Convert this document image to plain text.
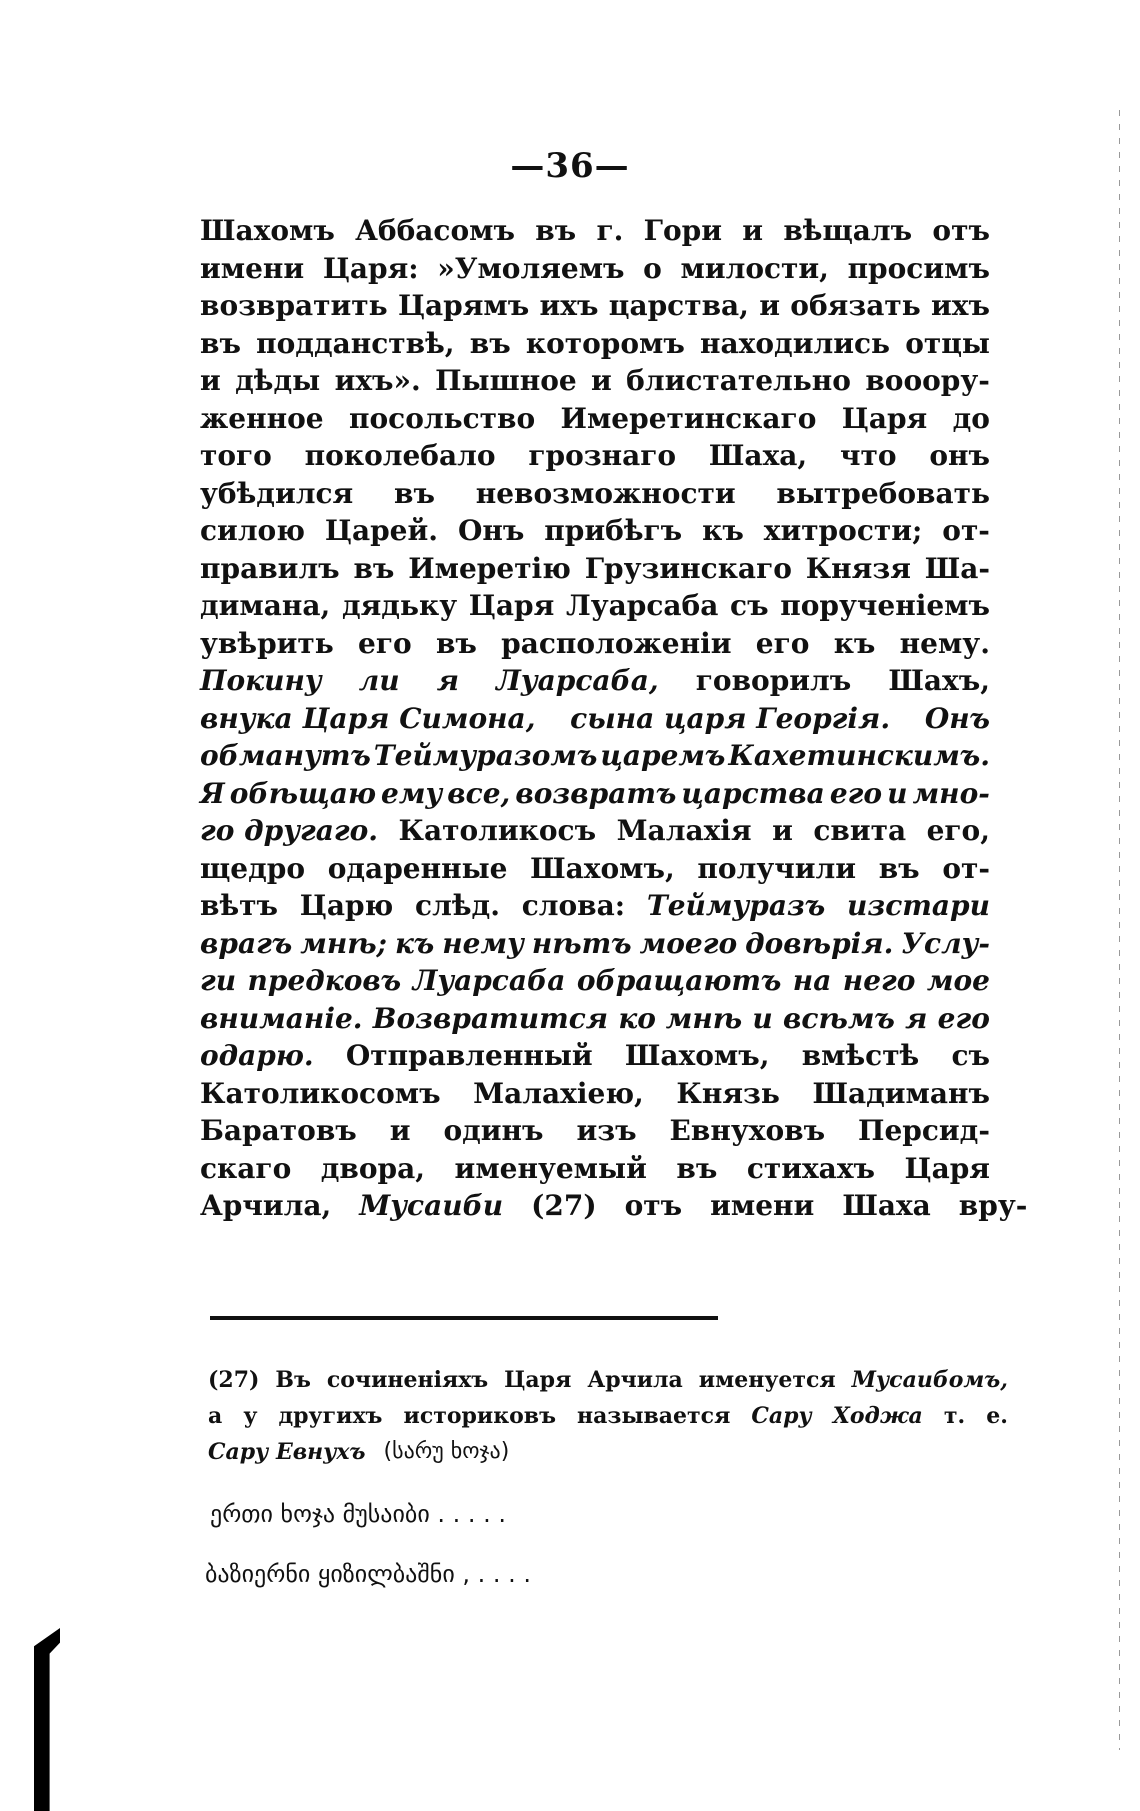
—36—
Шахомъ Аббасомъ въ г. Гори и вѣщалъ отъ
имени Царя: »Умоляемъ о милости, просимъ
возвратить Царямъ ихъ царства, и обязать ихъ
въ подданствѣ, въ которомъ находились отцы
и дѣды ихъ». Пышное и блистательно вооору-
женное посольство Имеретинскаго Царя до
того поколебало грознаго Шаха, что онъ
убѣдился въ невозможности вытребовать
силою Царей. Онъ прибѣгъ къ хитрости; от-
правилъ въ Имеретію Грузинскаго Князя Ша-
димана, дядьку Царя Луарсаба съ порученіемъ
увѣрить его въ расположеніи его къ нему.
Покину ли я Луарсаба, говорилъ Шахъ,
внука Царя Симона, сына царя Георгія. Онъ
обманутъ Теймуразомъ царемъ Кахетинскимъ.
Я обѣщаю ему все, возвратъ царства его и мно-
го другаго. Католикосъ Малахія и свита его,
щедро одаренные Шахомъ, получили въ от-
вѣтъ Царю слѣд. слова: Теймуразъ изстари
врагъ мнѣ; къ нему нѣтъ моего довѣрія. Услу-
ги предковъ Луарсаба обращаютъ на него мое
вниманіе. Возвратится ко мнѣ и всѣмъ я его
одарю. Отправленный Шахомъ, вмѣстѣ съ
Католикосомъ Малахіею, Князь Шадиманъ
Баратовъ и одинъ изъ Евнуховъ Персид-
скаго двора, именуемый въ стихахъ Царя
Арчила, Мусаиби (27) отъ имени Шаха вру-
(27) Въ сочиненіяхъ Царя Арчила именуется Мусаибомъ,
а у другихъ историковъ называется Сару Ходжа т. е.
Сару Евнухъ (სარუ ხოჯა)
ერთი ხოჯა მუსაიბი . . . . .
ბაზიერნი ყიზილბაშნი , . . . .
